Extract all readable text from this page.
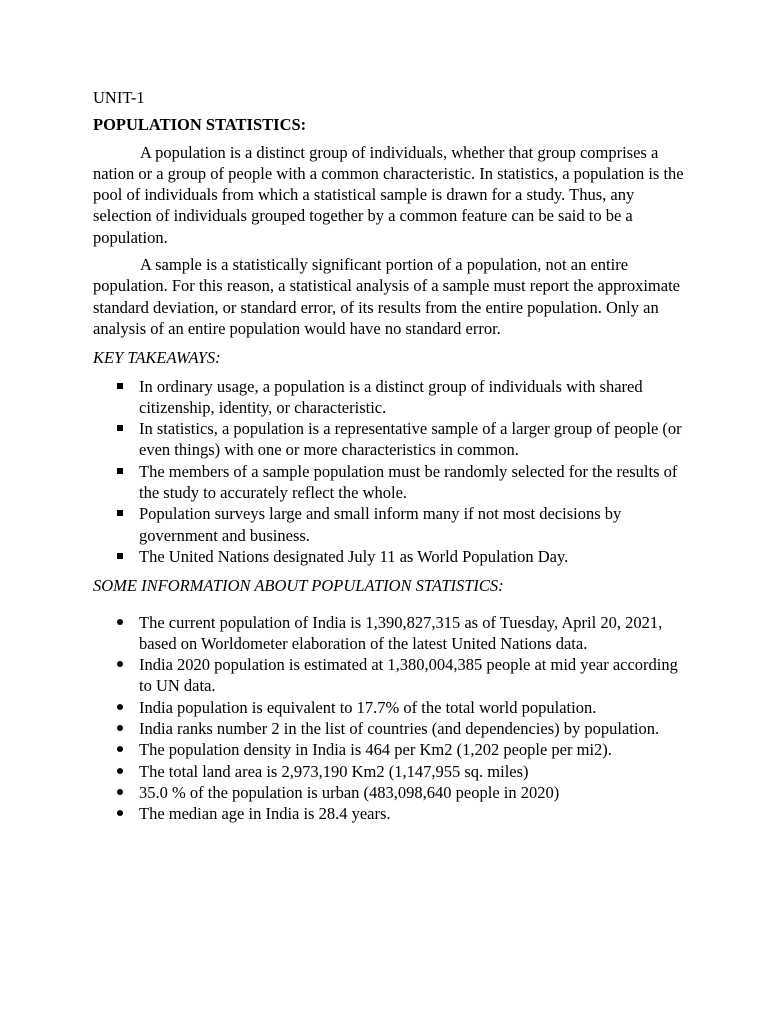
UNIT-1
POPULATION STATISTICS:

A population is a distinct group of individuals, whether that group comprises a nation or a group of people with a common characteristic. In statistics, a population is the pool of individuals from which a statistical sample is drawn for a study. Thus, any selection of individuals grouped together by a common feature can be said to be a population.

A sample is a statistically significant portion of a population, not an entire population. For this reason, a statistical analysis of a sample must report the approximate standard deviation, or standard error, of its results from the entire population. Only an analysis of an entire population would have no standard error.

KEY TAKEAWAYS:
In ordinary usage, a population is a distinct group of individuals with shared citizenship, identity, or characteristic.
In statistics, a population is a representative sample of a larger group of people (or even things) with one or more characteristics in common.
The members of a sample population must be randomly selected for the results of the study to accurately reflect the whole.
Population surveys large and small inform many if not most decisions by government and business.
The United Nations designated July 11 as World Population Day.
SOME INFORMATION ABOUT POPULATION STATISTICS:
The current population of India is 1,390,827,315 as of Tuesday, April 20, 2021, based on Worldometer elaboration of the latest United Nations data.
India 2020 population is estimated at 1,380,004,385 people at mid year according to UN data.
India population is equivalent to 17.7% of the total world population.
India ranks number 2 in the list of countries (and dependencies) by population.
The population density in India is 464 per Km2 (1,202 people per mi2).
The total land area is 2,973,190 Km2 (1,147,955 sq. miles)
35.0 % of the population is urban (483,098,640 people in 2020)
The median age in India is 28.4 years.
